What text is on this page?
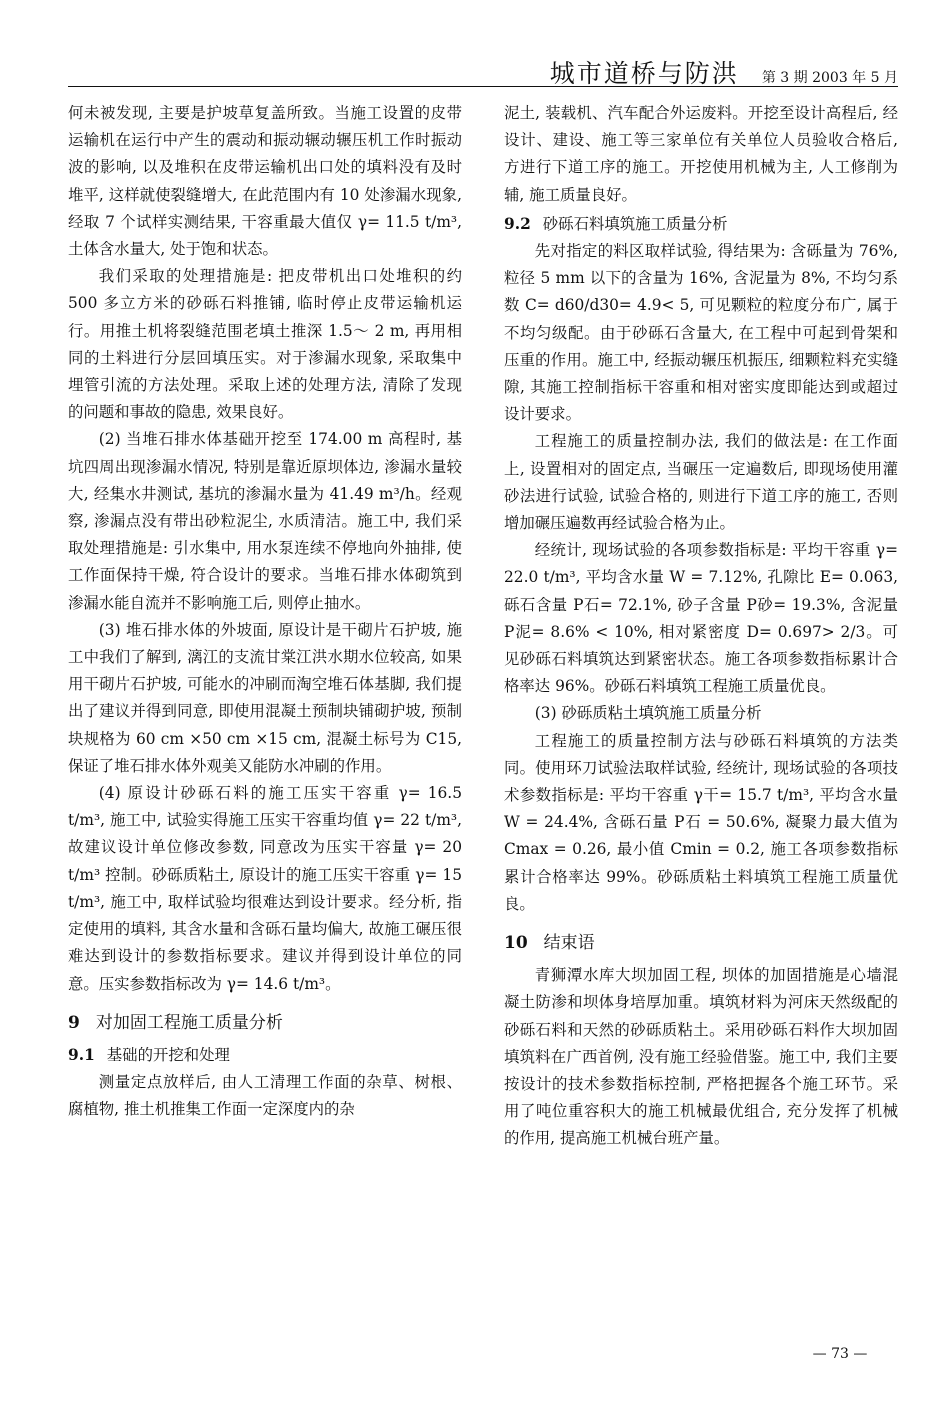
城市道桥与防洪 第 3 期 2003 年 5 月

何未被发现, 主要是护坡草复盖所致。当施工设置的皮带运输机在运行中产生的震动和振动辗动辗压机工作时振动波的影响, 以及堆积在皮带运输机出口处的填料没有及时堆平, 这样就使裂缝增大, 在此范围内有 10 处渗漏水现象, 经取 7 个试样实测结果, 干容重最大值仅 γ= 11.5 t/m³, 土体含水量大, 处于饱和状态。

我们采取的处理措施是: 把皮带机出口处堆积的约 500 多立方米的砂砾石料推铺, 临时停止皮带运输机运行。用推土机将裂缝范围老填土推深 1.5～ 2 m, 再用相同的土料进行分层回填压实。对于渗漏水现象, 采取集中埋管引流的方法处理。采取上述的处理方法, 清除了发现的问题和事故的隐患, 效果良好。

(2) 当堆石排水体基础开挖至 174.00 m 高程时, 基坑四周出现渗漏水情况, 特别是靠近原坝体边, 渗漏水量较大, 经集水井测试, 基坑的渗漏水量为 41.49 m³/h。经观察, 渗漏点没有带出砂粒泥尘, 水质清洁。施工中, 我们采取处理措施是: 引水集中, 用水泵连续不停地向外抽排, 使工作面保持干燥, 符合设计的要求。当堆石排水体砌筑到渗漏水能自流并不影响施工后, 则停止抽水。

(3) 堆石排水体的外坡面, 原设计是干砌片石护坡, 施工中我们了解到, 漓江的支流甘棠江洪水期水位较高, 如果用干砌片石护坡, 可能水的冲刷而淘空堆石体基脚, 我们提出了建议并得到同意, 即使用混凝土预制块铺砌护坡, 预制块规格为 60 cm ×50 cm ×15 cm, 混凝土标号为 C15, 保证了堆石排水体外观美又能防水冲刷的作用。

(4) 原设计砂砾石料的施工压实干容重 γ= 16.5 t/m³, 施工中, 试验实得施工压实干容重均值 γ= 22 t/m³, 故建议设计单位修改参数, 同意改为压实干容量 γ= 20 t/m³ 控制。砂砾质粘土, 原设计的施工压实干容重 γ= 15 t/m³, 施工中, 取样试验均很难达到设计要求。经分析, 指定使用的填料, 其含水量和含砾石量均偏大, 故施工碾压很难达到设计的参数指标要求。建议并得到设计单位的同意。压实参数指标改为 γ= 14.6 t/m³。

9 对加固工程施工质量分析
9.1 基础的开挖和处理

测量定点放样后, 由人工清理工作面的杂草、树根、腐植物, 推土机推集工作面一定深度内的杂

泥土, 装载机、汽车配合外运废料。开挖至设计高程后, 经设计、建设、施工等三家单位有关单位人员验收合格后, 方进行下道工序的施工。开挖使用机械为主, 人工修削为辅, 施工质量良好。

9.2 砂砾石料填筑施工质量分析

先对指定的料区取样试验, 得结果为: 含砾量为 76%, 粒径 5 mm 以下的含量为 16%, 含泥量为 8%, 不均匀系数 C= d60/d30= 4.9< 5, 可见颗粒的粒度分布广, 属于不均匀级配。由于砂砾石含量大, 在工程中可起到骨架和压重的作用。施工中, 经振动辗压机振压, 细颗粒料充实缝隙, 其施工控制指标干容重和相对密实度即能达到或超过设计要求。

工程施工的质量控制办法, 我们的做法是: 在工作面上, 设置相对的固定点, 当碾压一定遍数后, 即现场使用灌砂法进行试验, 试验合格的, 则进行下道工序的施工, 否则增加碾压遍数再经试验合格为止。

经统计, 现场试验的各项参数指标是: 平均干容重 γ= 22.0 t/m³, 平均含水量 W = 7.12%, 孔隙比 E= 0.063, 砾石含量 P石= 72.1%, 砂子含量 P砂= 19.3%, 含泥量 P泥= 8.6% < 10%, 相对紧密度 D= 0.697> 2/3。可见砂砾石料填筑达到紧密状态。施工各项参数指标累计合格率达 96%。砂砾石料填筑工程施工质量优良。

(3) 砂砾质粘土填筑施工质量分析

工程施工的质量控制方法与砂砾石料填筑的方法类同。使用环刀试验法取样试验, 经统计, 现场试验的各项技术参数指标是: 平均干容重 γ干= 15.7 t/m³, 平均含水量 W = 24.4%, 含砾石量 P石 = 50.6%, 凝聚力最大值为 Cmax = 0.26, 最小值 Cmin = 0.2, 施工各项参数指标累计合格率达 99%。砂砾质粘土料填筑工程施工质量优良。

10 结束语

青狮潭水库大坝加固工程, 坝体的加固措施是心墙混凝土防渗和坝体身培厚加重。填筑材料为河床天然级配的砂砾石料和天然的砂砾质粘土。采用砂砾石料作大坝加固填筑料在广西首例, 没有施工经验借鉴。施工中, 我们主要按设计的技术参数指标控制, 严格把握各个施工环节。采用了吨位重容积大的施工机械最优组合, 充分发挥了机械的作用, 提高施工机械台班产量。

— 73 —
